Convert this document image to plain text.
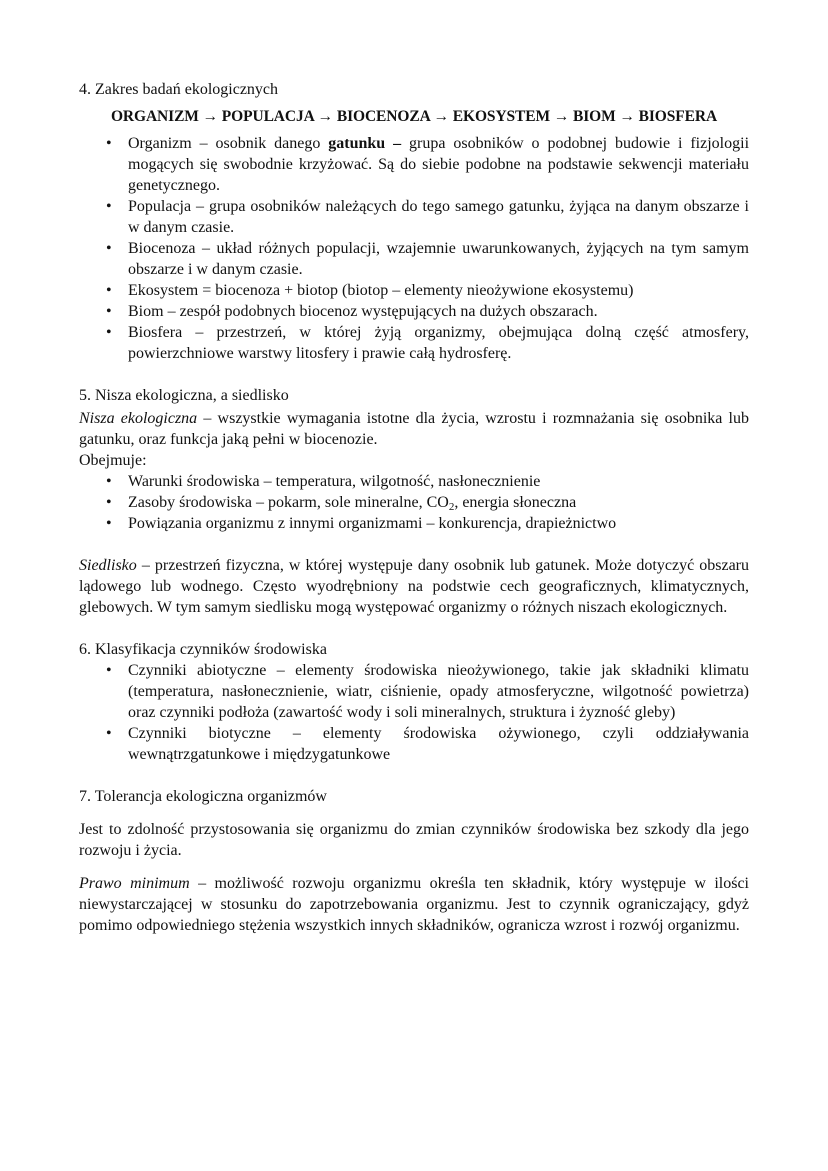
4. Zakres badań ekologicznych

ORGANIZM → POPULACJA → BIOCENOZA → EKOSYSTEM → BIOM → BIOSFERA

• Organizm – osobnik danego gatunku – grupa osobników o podobnej budowie i fizjologii mogących się swobodnie krzyżować. Są do siebie podobne na podstawie sekwencji materiału genetycznego.
• Populacja – grupa osobników należących do tego samego gatunku, żyjąca na danym obszarze i w danym czasie.
• Biocenoza – układ różnych populacji, wzajemnie uwarunkowanych, żyjących na tym samym obszarze i w danym czasie.
• Ekosystem = biocenoza + biotop (biotop – elementy nieożywione ekosystemu)
• Biom – zespół podobnych biocenoz występujących na dużych obszarach.
• Biosfera – przestrzeń, w której żyją organizmy, obejmująca dolną część atmosfery, powierzchniowe warstwy litosfery i prawie całą hydrosferę.

5. Nisza ekologiczna, a siedlisko

Nisza ekologiczna – wszystkie wymagania istotne dla życia, wzrostu i rozmnażania się osobnika lub gatunku, oraz funkcja jaką pełni w biocenozie.

Obejmuje:

• Warunki środowiska – temperatura, wilgotność, nasłonecznienie
• Zasoby środowiska – pokarm, sole mineralne, $CO_2$, energia słoneczna
• Powiązania organizmu z innymi organizmami – konkurencja, drapieżnictwo

Siedlisko – przestrzeń fizyczna, w której występuje dany osobnik lub gatunek. Może dotyczyć obszaru lądowego lub wodnego. Często wyodrębniony na podstwie cech geograficznych, klimatycznych, glebowych. W tym samym siedlisku mogą występować organizmy o różnych niszach ekologicznych.

6. Klasyfikacja czynników środowiska

• Czynniki abiotyczne – elementy środowiska nieożywionego, takie jak składniki klimatu (temperatura, nasłonecznienie, wiatr, ciśnienie, opady atmosferyczne, wilgotność powietrza) oraz czynniki podłoża (zawartość wody i soli mineralnych, struktura i żyzność gleby)
• Czynniki biotyczne – elementy środowiska ożywionego, czyli oddziaływania wewnątrzgatunkowe i międzygatunkowe

7. Tolerancja ekologiczna organizmów

Jest to zdolność przystosowania się organizmu do zmian czynników środowiska bez szkody dla jego rozwoju i życia.

Prawo minimum – możliwość rozwoju organizmu określa ten składnik, który występuje w ilości niewystarczającej w stosunku do zapotrzebowania organizmu. Jest to czynnik ograniczający, gdyż pomimo odpowiedniego stężenia wszystkich innych składników, ogranicza wzrost i rozwój organizmu.
